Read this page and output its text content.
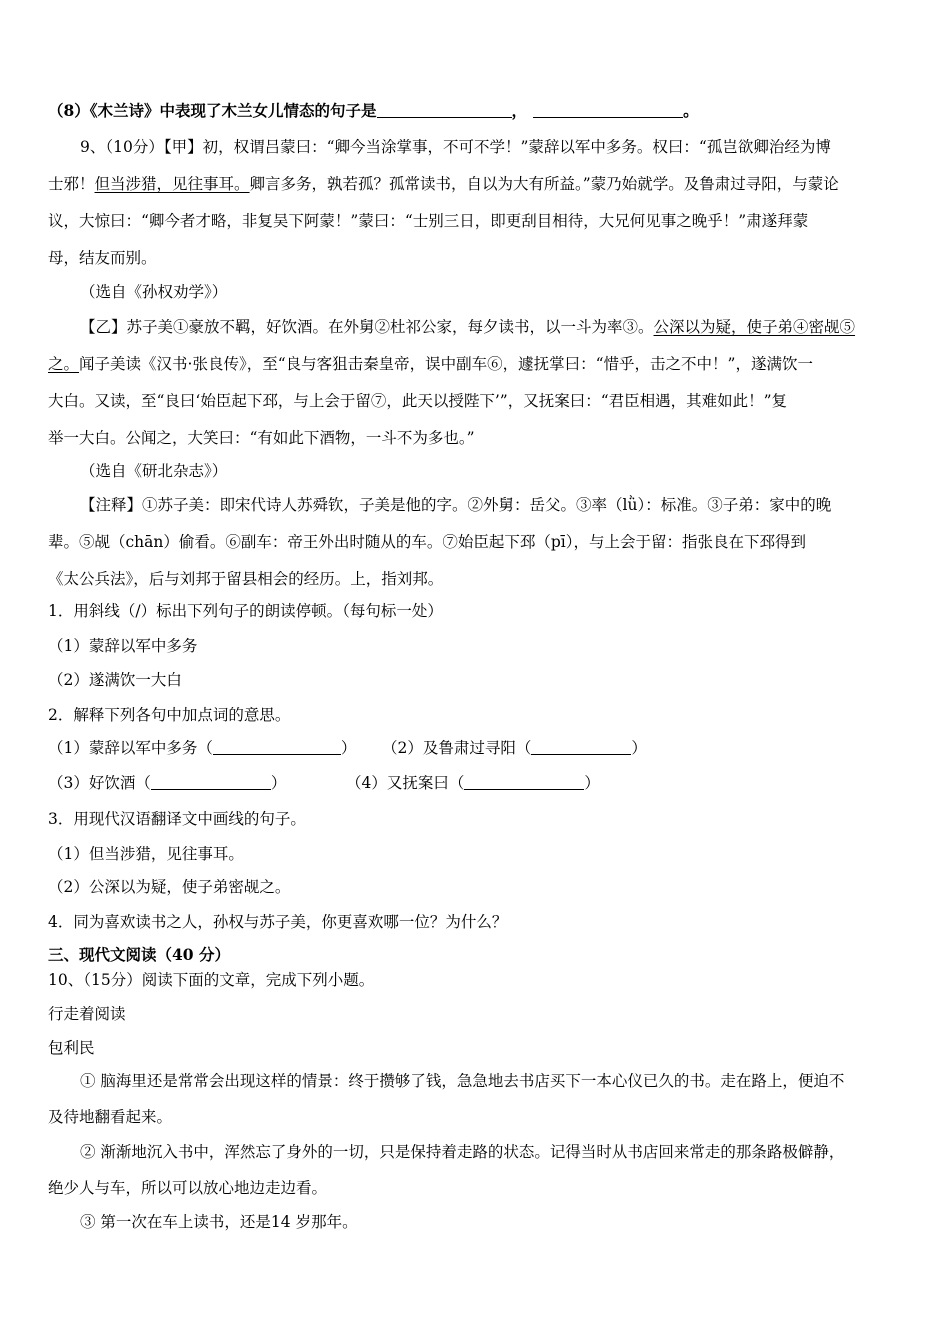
（8）《木兰诗》中表现了木兰女儿情态的句子是	，	。
9、（10分）【甲】初，权谓吕蒙曰：“卿今当涂掌事，不可不学！”蒙辞以军中多务。权曰：“孤岂欲卿治经为博
士邪！但当涉猎，见往事耳。卿言多务，孰若孤？孤常读书，自以为大有所益。”蒙乃始就学。及鲁肃过寻阳，与蒙论
议，大惊曰：“卿今者才略，非复吴下阿蒙！”蒙曰：“士别三日，即更刮目相待，大兄何见事之晚乎！”肃遂拜蒙
母，结友而别。
（选自《孙权劝学》）
【乙】苏子美①豪放不羁，好饮酒。在外舅②杜祁公家，每夕读书，以一斗为率③。公深以为疑，使子弟④密觇⑤
之。闻子美读《汉书·张良传》，至“良与客狙击秦皇帝，误中副车⑥，遽抚掌曰：“惜乎，击之不中！”，遂满饮一
大白。又读，至“良曰‘始臣起下邳，与上会于留⑦，此天以授陛下’”，又抚案曰：“君臣相遇，其难如此！”复
举一大白。公闻之，大笑曰：“有如此下酒物，一斗不为多也。”
（选自《研北杂志》）
【注释】①苏子美：即宋代诗人苏舜钦，子美是他的字。②外舅：岳父。③率（lǜ）：标准。③子弟：家中的晚
辈。⑤觇（chān）偷看。⑥副车：帝王外出时随从的车。⑦始臣起下邳（pī），与上会于留：指张良在下邳得到
《太公兵法》，后与刘邦于留县相会的经历。上，指刘邦。
1．用斜线（/）标出下列句子的朗读停顿。（每句标一处）
（1）蒙辞以军中多务
（2）遂满饮一大白
2．解释下列各句中加点词的意思。
（1）蒙辞以军中多务（	） （2）及鲁肃过寻阳（	）
（3）好饮酒（	）	（4）又抚案曰（	）
3．用现代汉语翻译文中画线的句子。
（1）但当涉猎，见往事耳。
（2）公深以为疑，使子弟密觇之。
4．同为喜欢读书之人，孙权与苏子美，你更喜欢哪一位？为什么？
三、现代文阅读（40 分）
10、（15分）阅读下面的文章，完成下列小题。
行走着阅读
包利民
① 脑海里还是常常会出现这样的情景：终于攒够了钱，急急地去书店买下一本心仪已久的书。走在路上，便迫不
及待地翻看起来。
② 渐渐地沉入书中，浑然忘了身外的一切，只是保持着走路的状态。记得当时从书店回来常走的那条路极僻静，
绝少人与车，所以可以放心地边走边看。
③ 第一次在车上读书，还是14 岁那年。
